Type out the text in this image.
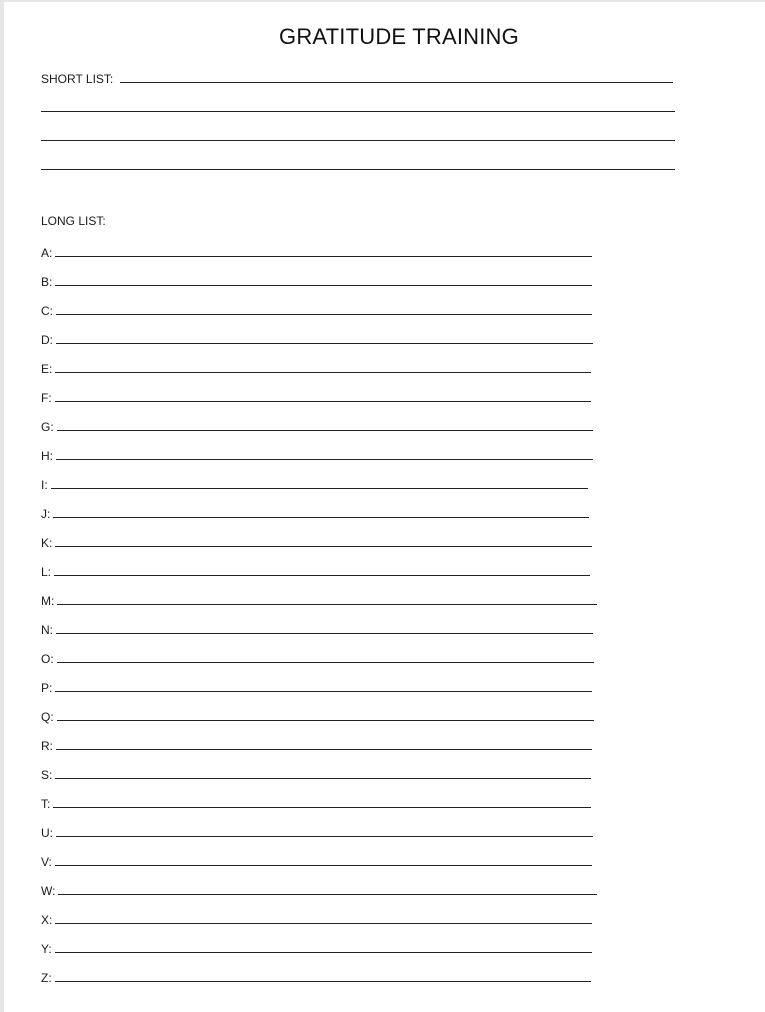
GRATITUDE TRAINING
SHORT LIST:
LONG LIST:
A:
B:
C:
D:
E:
F:
G:
H:
I:
J:
K:
L:
M:
N:
O:
P:
Q:
R:
S:
T:
U:
V:
W:
X:
Y:
Z:
